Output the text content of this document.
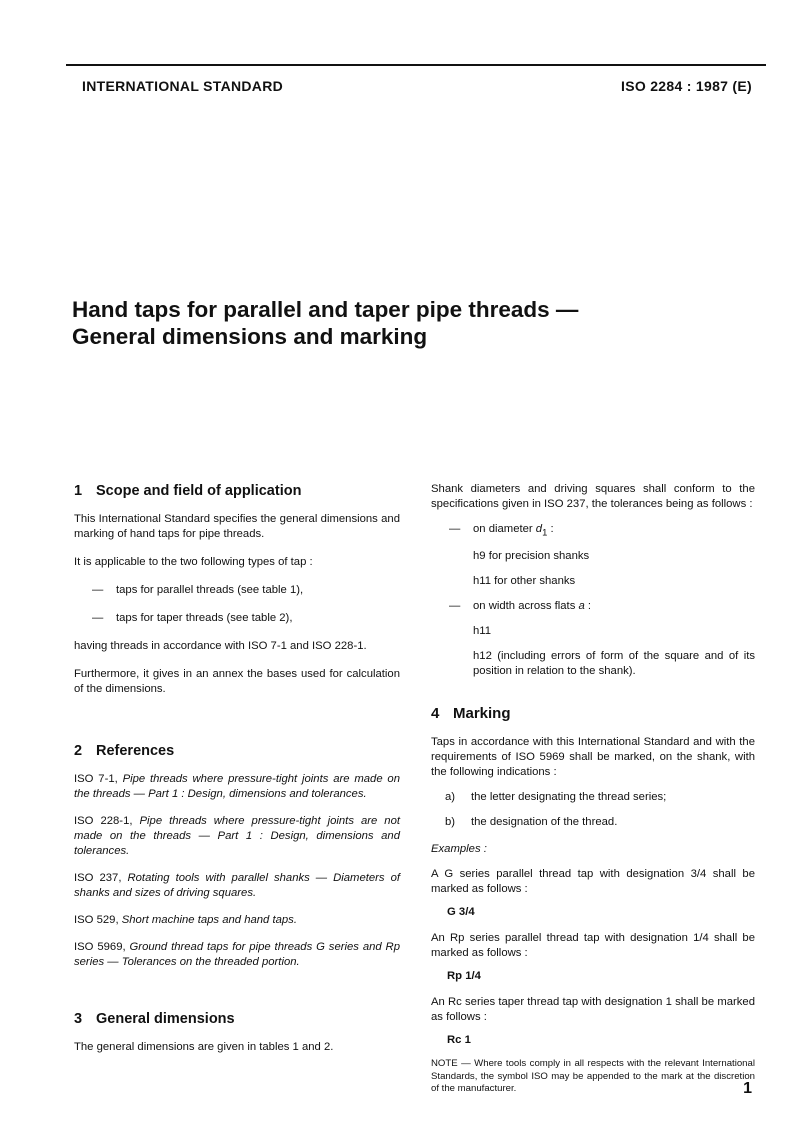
INTERNATIONAL STANDARD	ISO 2284 : 1987 (E)
Hand taps for parallel and taper pipe threads —
General dimensions and marking
1 Scope and field of application

This International Standard specifies the general dimensions and marking of hand taps for pipe threads.

It is applicable to the two following types of tap :

—	taps for parallel threads (see table 1),
—	taps for taper threads (see table 2),

having threads in accordance with ISO 7-1 and ISO 228-1.

Furthermore, it gives in an annex the bases used for calculation of the dimensions.

2 References

ISO 7-1, Pipe threads where pressure-tight joints are made on the threads — Part 1 : Design, dimensions and tolerances.

ISO 228-1, Pipe threads where pressure-tight joints are not made on the threads — Part 1 : Design, dimensions and tolerances.

ISO 237, Rotating tools with parallel shanks — Diameters of shanks and sizes of driving squares.

ISO 529, Short machine taps and hand taps.

ISO 5969, Ground thread taps for pipe threads G series and Rp series — Tolerances on the threaded portion.

3 General dimensions

The general dimensions are given in tables 1 and 2.

Shank diameters and driving squares shall conform to the specifications given in ISO 237, the tolerances being as follows :

—	on diameter $d_1$ :
h9 for precision shanks
h11 for other shanks
—	on width across flats a :
h11
h12 (including errors of form of the square and of its position in relation to the shank).
4 Marking

Taps in accordance with this International Standard and with the requirements of ISO 5969 shall be marked, on the shank, with the following indications :

a)	the letter designating the thread series;
b)	the designation of the thread.

Examples :

A G series parallel thread tap with designation 3/4 shall be marked as follows :

G 3/4

An Rp series parallel thread tap with designation 1/4 shall be marked as follows :

Rp 1/4

An Rc series taper thread tap with designation 1 shall be marked as follows :

Rc 1

NOTE — Where tools comply in all respects with the relevant International Standards, the symbol ISO may be appended to the mark at the discretion of the manufacturer.	1
